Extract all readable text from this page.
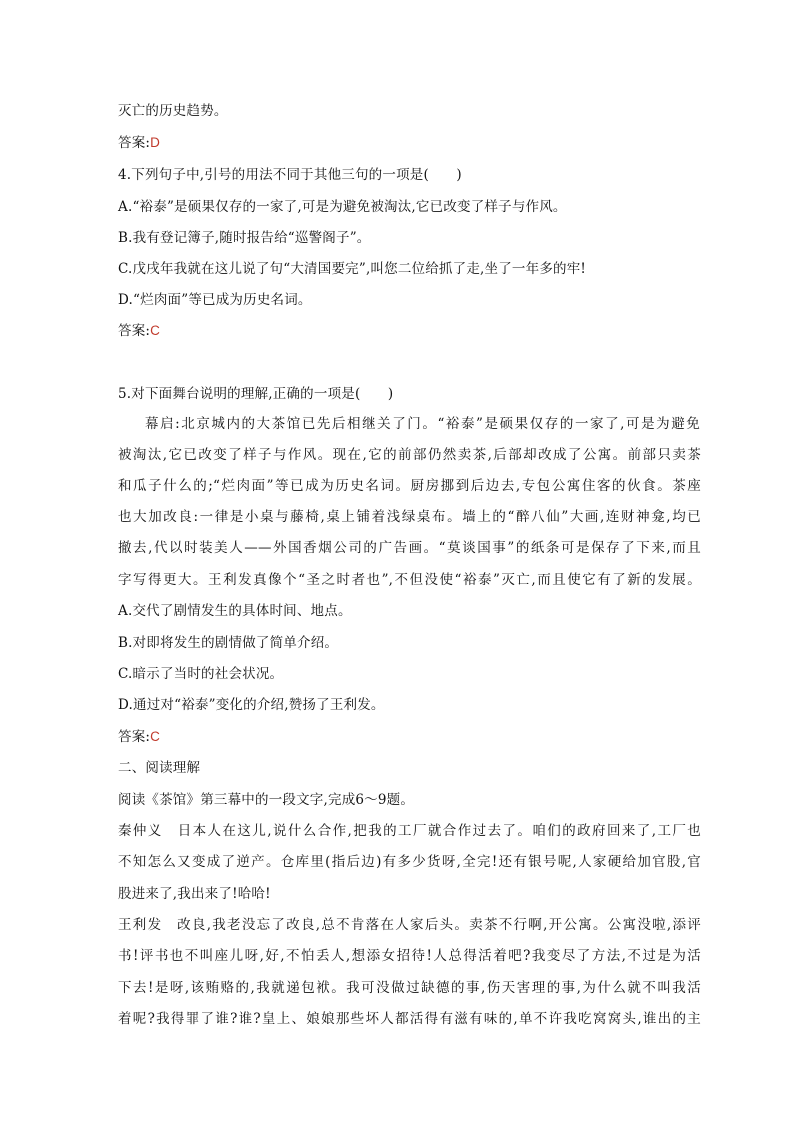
灭亡的历史趋势。
答案:D
4.下列句子中,引号的用法不同于其他三句的一项是(　　)
A.“裕泰”是硕果仅存的一家了,可是为避免被淘汰,它已改变了样子与作风。
B.我有登记簿子,随时报告给“巡警阁子”。
C.戊戌年我就在这儿说了句“大清国要完”,叫您二位给抓了走,坐了一年多的牢!
D.“烂肉面”等已成为历史名词。
答案:C
5.对下面舞台说明的理解,正确的一项是(　　)
幕启:北京城内的大茶馆已先后相继关了门。“裕泰”是硕果仅存的一家了,可是为避免
被淘汰,它已改变了样子与作风。现在,它的前部仍然卖茶,后部却改成了公寓。前部只卖茶
和瓜子什么的;“烂肉面”等已成为历史名词。厨房挪到后边去,专包公寓住客的伙食。茶座
也大加改良:一律是小桌与藤椅,桌上铺着浅绿桌布。墙上的“醉八仙”大画,连财神龛,均已
撤去,代以时装美人——外国香烟公司的广告画。“莫谈国事”的纸条可是保存了下来,而且
字写得更大。王利发真像个“圣之时者也”,不但没使“裕泰”灭亡,而且使它有了新的发展。
A.交代了剧情发生的具体时间、地点。
B.对即将发生的剧情做了简单介绍。
C.暗示了当时的社会状况。
D.通过对“裕泰”变化的介绍,赞扬了王利发。
答案:C
二、阅读理解
阅读《茶馆》第三幕中的一段文字,完成6～9题。
秦仲义　日本人在这儿,说什么合作,把我的工厂就合作过去了。咱们的政府回来了,工厂也
不知怎么又变成了逆产。仓库里(指后边)有多少货呀,全完!还有银号呢,人家硬给加官股,官
股进来了,我出来了!哈哈!
王利发　改良,我老没忘了改良,总不肯落在人家后头。卖茶不行啊,开公寓。公寓没啦,添评
书!评书也不叫座儿呀,好,不怕丢人,想添女招待!人总得活着吧?我变尽了方法,不过是为活
下去!是呀,该贿赂的,我就递包袱。我可没做过缺德的事,伤天害理的事,为什么就不叫我活
着呢?我得罪了谁?谁?皇上、娘娘那些坏人都活得有滋有味的,单不许我吃窝窝头,谁出的主
